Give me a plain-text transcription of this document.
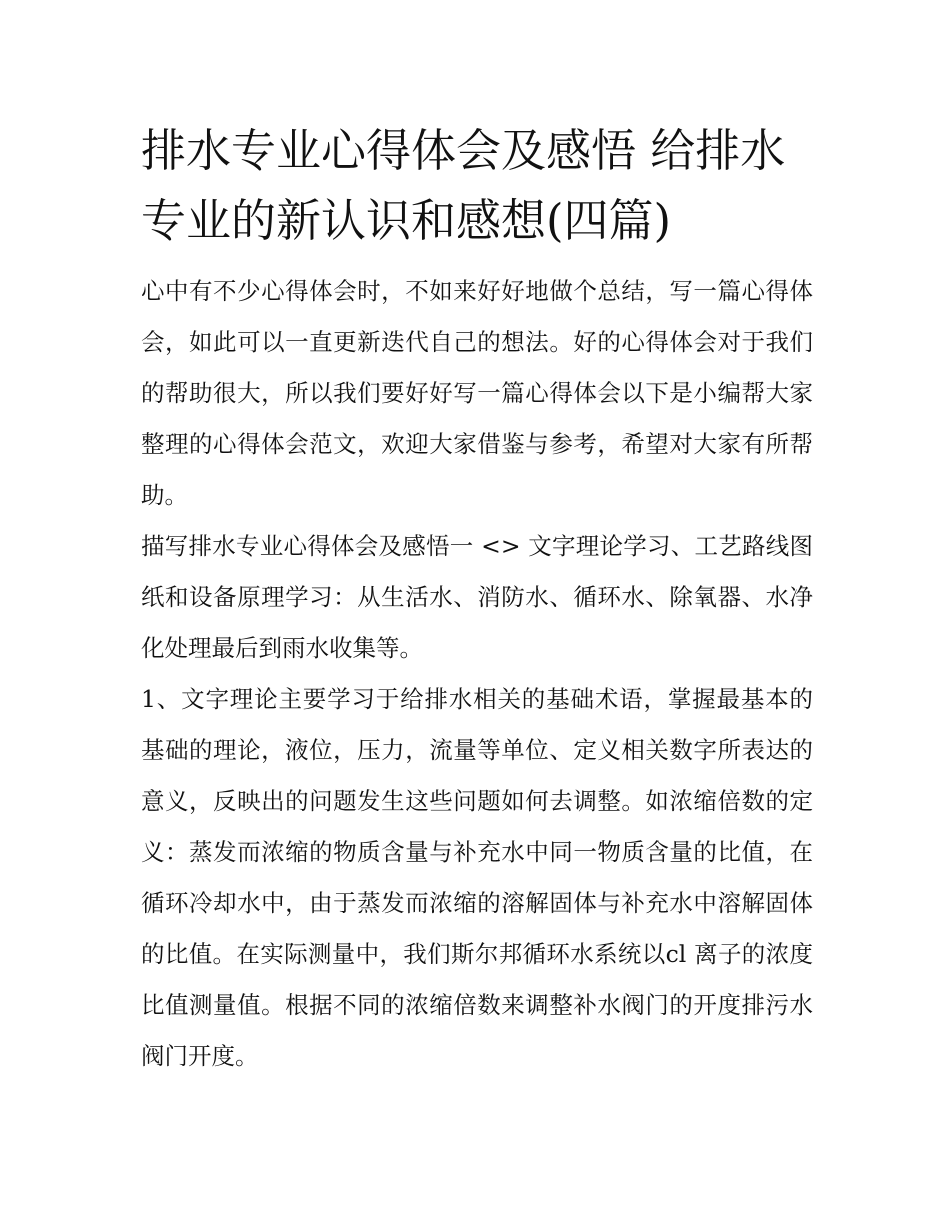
排水专业心得体会及感悟 给排水专业的新认识和感想(四篇)

心中有不少心得体会时，不如来好好地做个总结，写一篇心得体会，如此可以一直更新迭代自己的想法。好的心得体会对于我们的帮助很大，所以我们要好好写一篇心得体会以下是小编帮大家整理的心得体会范文，欢迎大家借鉴与参考，希望对大家有所帮助。

描写排水专业心得体会及感悟一 <> 文字理论学习、工艺路线图纸和设备原理学习：从生活水、消防水、循环水、除氧器、水净化处理最后到雨水收集等。

1、文字理论主要学习于给排水相关的基础术语，掌握最基本的基础的理论，液位，压力，流量等单位、定义相关数字所表达的意义，反映出的问题发生这些问题如何去调整。如浓缩倍数的定义：蒸发而浓缩的物质含量与补充水中同一物质含量的比值，在循环冷却水中，由于蒸发而浓缩的溶解固体与补充水中溶解固体的比值。在实际测量中，我们斯尔邦循环水系统以cl 离子的浓度比值测量值。根据不同的浓缩倍数来调整补水阀门的开度排污水阀门开度。
